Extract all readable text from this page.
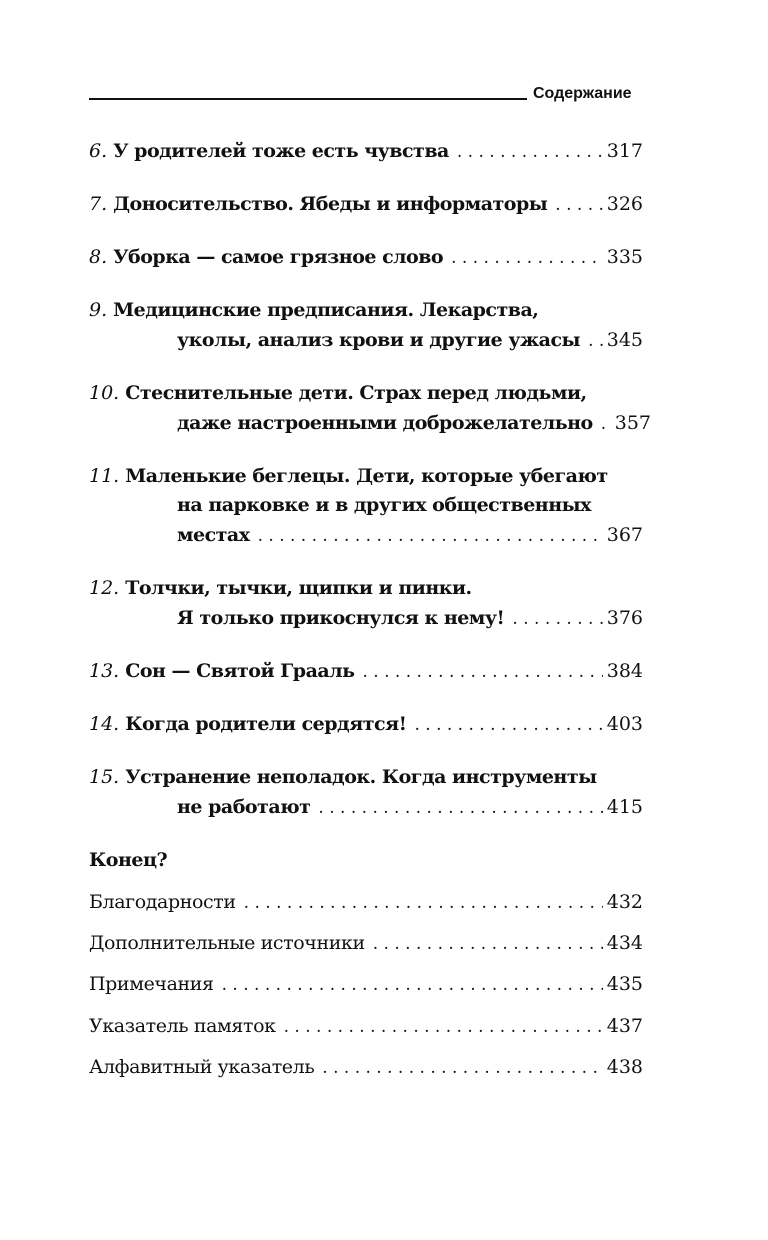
Содержание
6. У родителей тоже есть чувства . . .	317
7. Доносительство. Ябеды и информаторы . . .	326
8. Уборка — самое грязное слово . . .	335
9. Медицинские предписания. Лекарства,
уколы, анализ крови и другие ужасы . . . 345
10. Стеснительные дети. Страх перед людьми,
даже настроенными доброжелательно . . . 357
11. Маленькие беглецы. Дети, которые убегают
на парковке и в других общественных
местах . . .	367
12. Толчки, тычки, щипки и пинки.
Я только прикоснулся к нему! . . .	376
13. Сон — Святой Грааль . . .	384
14. Когда родители сердятся! . . .	403
15. Устранение неполадок. Когда инструменты
не работают . . .	415
Конец?
Благодарности . . .	432
Дополнительные источники . . .	434
Примечания . . .	435
Указатель памяток . . .	437
Алфавитный указатель . . .	438
